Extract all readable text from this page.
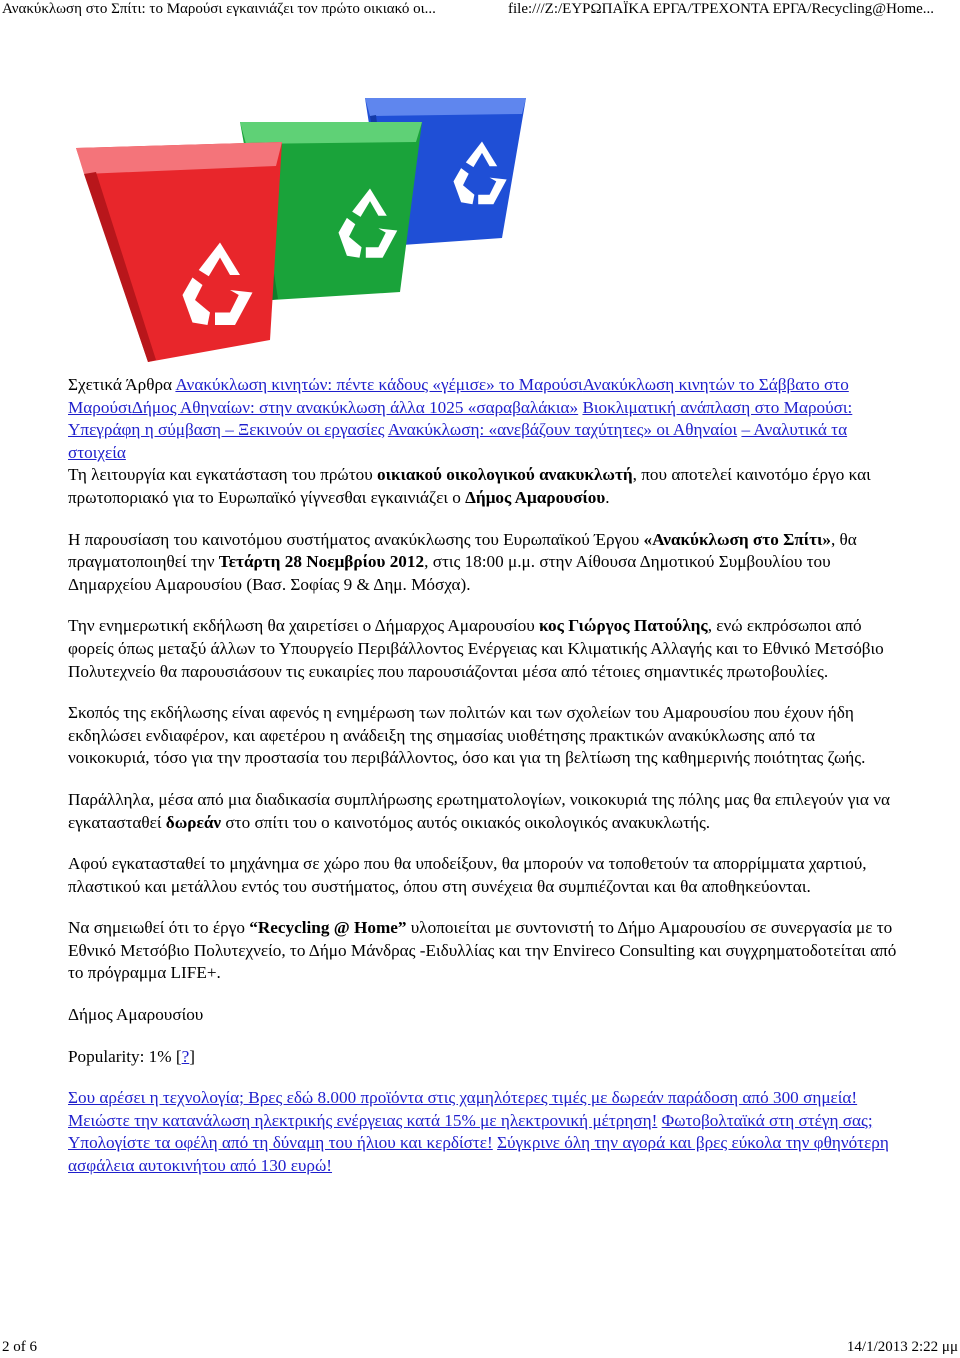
Ανακύκλωση στο Σπίτι: το Μαρούσι εγκαινιάζει τον πρώτο οικιακό οι...	file:///Z:/ΕΥΡΩΠΑΪΚΑ ΕΡΓΑ/ΤΡΕΧΟΝΤΑ ΕΡΓΑ/Recycling@Home...

Σχετικά Άρθρα Ανακύκλωση κινητών: πέντε κάδους «γέμισε» το ΜαρούσιΑνακύκλωση κινητών το Σάββατο στο ΜαρούσιΔήμος Αθηναίων: στην ανακύκλωση άλλα 1025 «σαραβαλάκια» Βιοκλιματική ανάπλαση στο Μαρούσι: Υπεγράφη η σύμβαση – Ξεκινούν οι εργασίες Ανακύκλωση: «ανεβάζουν ταχύτητες» οι Αθηναίοι – Αναλυτικά τα στοιχεία

Τη λειτουργία και εγκατάσταση του πρώτου οικιακού οικολογικού ανακυκλωτή, που αποτελεί καινοτόμο έργο και πρωτοποριακό για το Ευρωπαϊκό γίγνεσθαι εγκαινιάζει ο Δήμος Αμαρουσίου.

Η παρουσίαση του καινοτόμου συστήματος ανακύκλωσης του Ευρωπαϊκού Έργου «Ανακύκλωση στο Σπίτι», θα πραγματοποιηθεί την Τετάρτη 28 Νοεμβρίου 2012, στις 18:00 μ.μ. στην Αίθουσα Δημοτικού Συμβουλίου του Δημαρχείου Αμαρουσίου (Βασ. Σοφίας 9 & Δημ. Μόσχα).

Την ενημερωτική εκδήλωση θα χαιρετίσει ο Δήμαρχος Αμαρουσίου κος Γιώργος Πατούλης, ενώ εκπρόσωποι από φορείς όπως μεταξύ άλλων το Υπουργείο Περιβάλλοντος Ενέργειας και Κλιματικής Αλλαγής και το Εθνικό Μετσόβιο Πολυτεχνείο θα παρουσιάσουν τις ευκαιρίες που παρουσιάζονται μέσα από τέτοιες σημαντικές πρωτοβουλίες.

Σκοπός της εκδήλωσης είναι αφενός η ενημέρωση των πολιτών και των σχολείων του Αμαρουσίου που έχουν ήδη εκδηλώσει ενδιαφέρον, και αφετέρου η ανάδειξη της σημασίας υιοθέτησης πρακτικών ανακύκλωσης από τα νοικοκυριά, τόσο για την προστασία του περιβάλλοντος, όσο και για τη βελτίωση της καθημερινής ποιότητας ζωής.

Παράλληλα, μέσα από μια διαδικασία συμπλήρωσης ερωτηματολογίων, νοικοκυριά της πόλης μας θα επιλεγούν για να εγκατασταθεί δωρεάν στο σπίτι του ο καινοτόμος αυτός οικιακός οικολογικός ανακυκλωτής.

Αφού εγκατασταθεί το μηχάνημα σε χώρο που θα υποδείξουν, θα μπορούν να τοποθετούν τα απορρίμματα χαρτιού, πλαστικού και μετάλλου εντός του συστήματος, όπου στη συνέχεια θα συμπιέζονται και θα αποθηκεύονται.

Να σημειωθεί ότι το έργο “Recycling @ Home” υλοποιείται με συντονιστή το Δήμο Αμαρουσίου σε συνεργασία με το Εθνικό Μετσόβιο Πολυτεχνείο, το Δήμο Μάνδρας -Ειδυλλίας και την Envireco Consulting και συγχρηματοδοτείται από το πρόγραμμα LIFE+.

Δήμος Αμαρουσίου

Popularity: 1% [?]

Σου αρέσει η τεχνολογία; Βρες εδώ 8.000 προϊόντα στις χαμηλότερες τιμές με δωρεάν παράδοση από 300 σημεία! Μειώστε την κατανάλωση ηλεκτρικής ενέργειας κατά 15% με ηλεκτρονική μέτρηση! Φωτοβολταϊκά στη στέγη σας; Υπολογίστε τα οφέλη από τη δύναμη του ήλιου και κερδίστε! Σύγκρινε όλη την αγορά και βρες εύκολα την φθηνότερη ασφάλεια αυτοκινήτου από 130 ευρώ!

2 of 6	14/1/2013 2:22 μμ
